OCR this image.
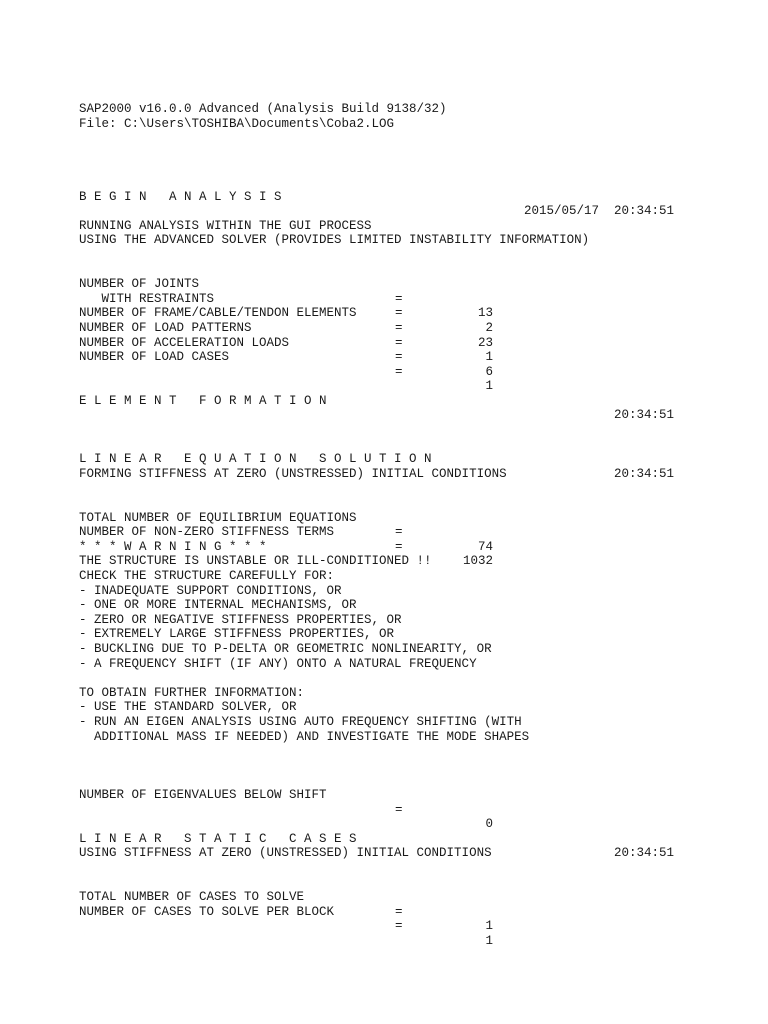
SAP2000 v16.0.0 Advanced (Analysis Build 9138/32)
File: C:\Users\TOSHIBA\Documents\Coba2.LOG

BEGIN ANALYSIS

2015/05/17  20:34:51

RUNNING ANALYSIS WITHIN THE GUI PROCESS
USING THE ADVANCED SOLVER (PROVIDES LIMITED INSTABILITY INFORMATION)

NUMBER OF JOINTS

=

13

WITH RESTRAINTS

=

2

NUMBER OF FRAME/CABLE/TENDON ELEMENTS

=

23

NUMBER OF LOAD PATTERNS

=

1

NUMBER OF ACCELERATION LOADS

=

6

NUMBER OF LOAD CASES

=

1

ELEMENT FORMATION

20:34:51

LINEAR EQUATION SOLUTION

20:34:51

FORMING STIFFNESS AT ZERO (UNSTRESSED) INITIAL CONDITIONS

TOTAL NUMBER OF EQUILIBRIUM EQUATIONS

=

74

NUMBER OF NON-ZERO STIFFNESS TERMS

=

1032

* * * W A R N I N G * * *
THE STRUCTURE IS UNSTABLE OR ILL-CONDITIONED !!
CHECK THE STRUCTURE CAREFULLY FOR:
- INADEQUATE SUPPORT CONDITIONS, OR
- ONE OR MORE INTERNAL MECHANISMS, OR
- ZERO OR NEGATIVE STIFFNESS PROPERTIES, OR
- EXTREMELY LARGE STIFFNESS PROPERTIES, OR
- BUCKLING DUE TO P-DELTA OR GEOMETRIC NONLINEARITY, OR
- A FREQUENCY SHIFT (IF ANY) ONTO A NATURAL FREQUENCY
TO OBTAIN FURTHER INFORMATION:
- USE THE STANDARD SOLVER, OR
- RUN AN EIGEN ANALYSIS USING AUTO FREQUENCY SHIFTING (WITH
ADDITIONAL MASS IF NEEDED) AND INVESTIGATE THE MODE SHAPES

NUMBER OF EIGENVALUES BELOW SHIFT

=

0

LINEAR STATIC CASES

20:34:51

USING STIFFNESS AT ZERO (UNSTRESSED) INITIAL CONDITIONS

TOTAL NUMBER OF CASES TO SOLVE

=

1

NUMBER OF CASES TO SOLVE PER BLOCK

=

1
